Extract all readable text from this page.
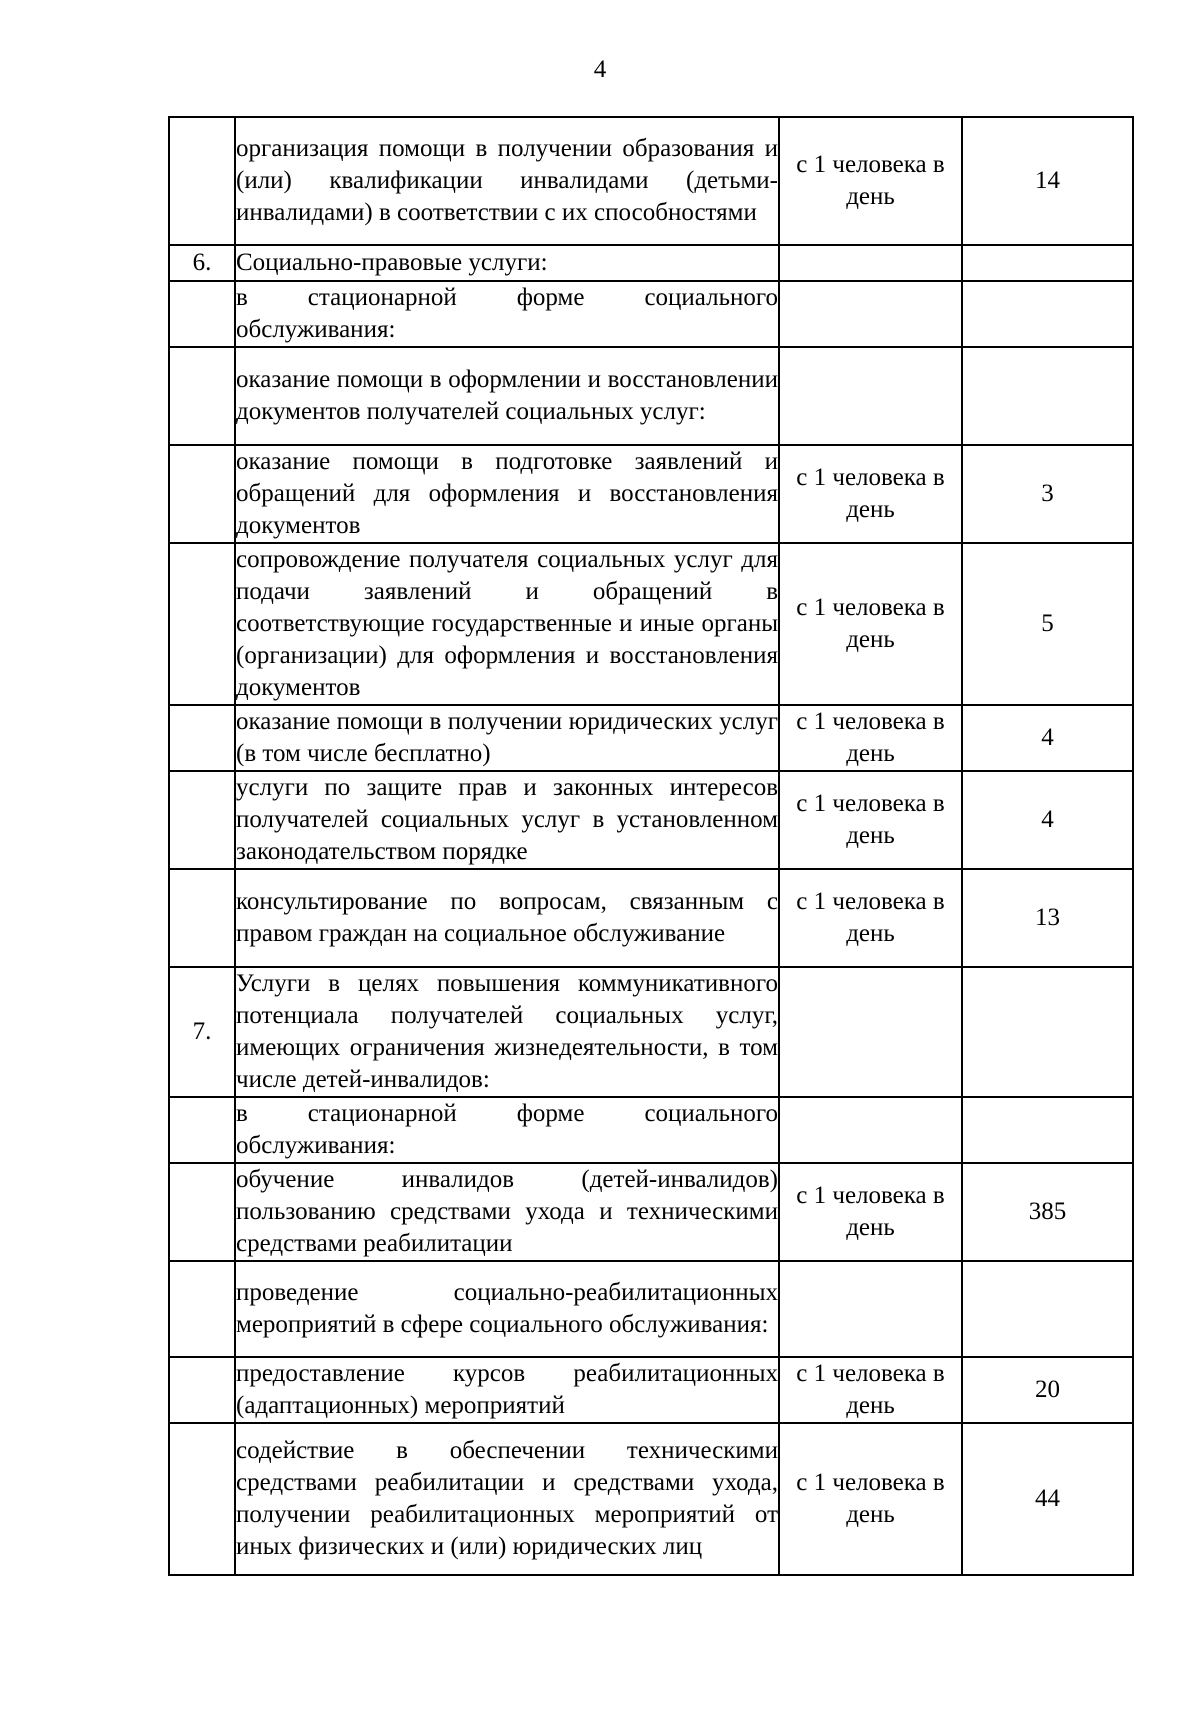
4
	организация помощи в получении образования и (или) квалификации инвалидами (детьми-инвалидами) в соответствии с их способностями	с 1 человека в день	14
6.	Социально-правовые услуги:		
	в стационарной форме социального обслуживания:		
	оказание помощи в оформлении и восстановлении документов получателей социальных услуг:		
	оказание помощи в подготовке заявлений и обращений для оформления и восстановления документов	с 1 человека в день	3
	сопровождение получателя социальных услуг для подачи заявлений и обращений в соответствующие государственные и иные органы (организации) для оформления и восстановления документов	с 1 человека в день	5
	оказание помощи в получении юридических услуг (в том числе бесплатно)	с 1 человека в день	4
	услуги по защите прав и законных интересов получателей социальных услуг в установленном законодательством порядке	с 1 человека в день	4
	консультирование по вопросам, связанным с правом граждан на социальное обслуживание	с 1 человека в день	13
7.	Услуги в целях повышения коммуникативного потенциала получателей социальных услуг, имеющих ограничения жизнедеятельности, в том числе детей-инвалидов:		
	в стационарной форме социального обслуживания:		
	обучение инвалидов (детей-инвалидов) пользованию средствами ухода и техническими средствами реабилитации	с 1 человека в день	385
	проведение социально-реабилитационных мероприятий в сфере социального обслуживания:		
	предоставление курсов реабилитационных (адаптационных) мероприятий	с 1 человека в день	20
	содействие в обеспечении техническими средствами реабилитации и средствами ухода, получении реабилитационных мероприятий от иных физических и (или) юридических лиц	с 1 человека в день	44
